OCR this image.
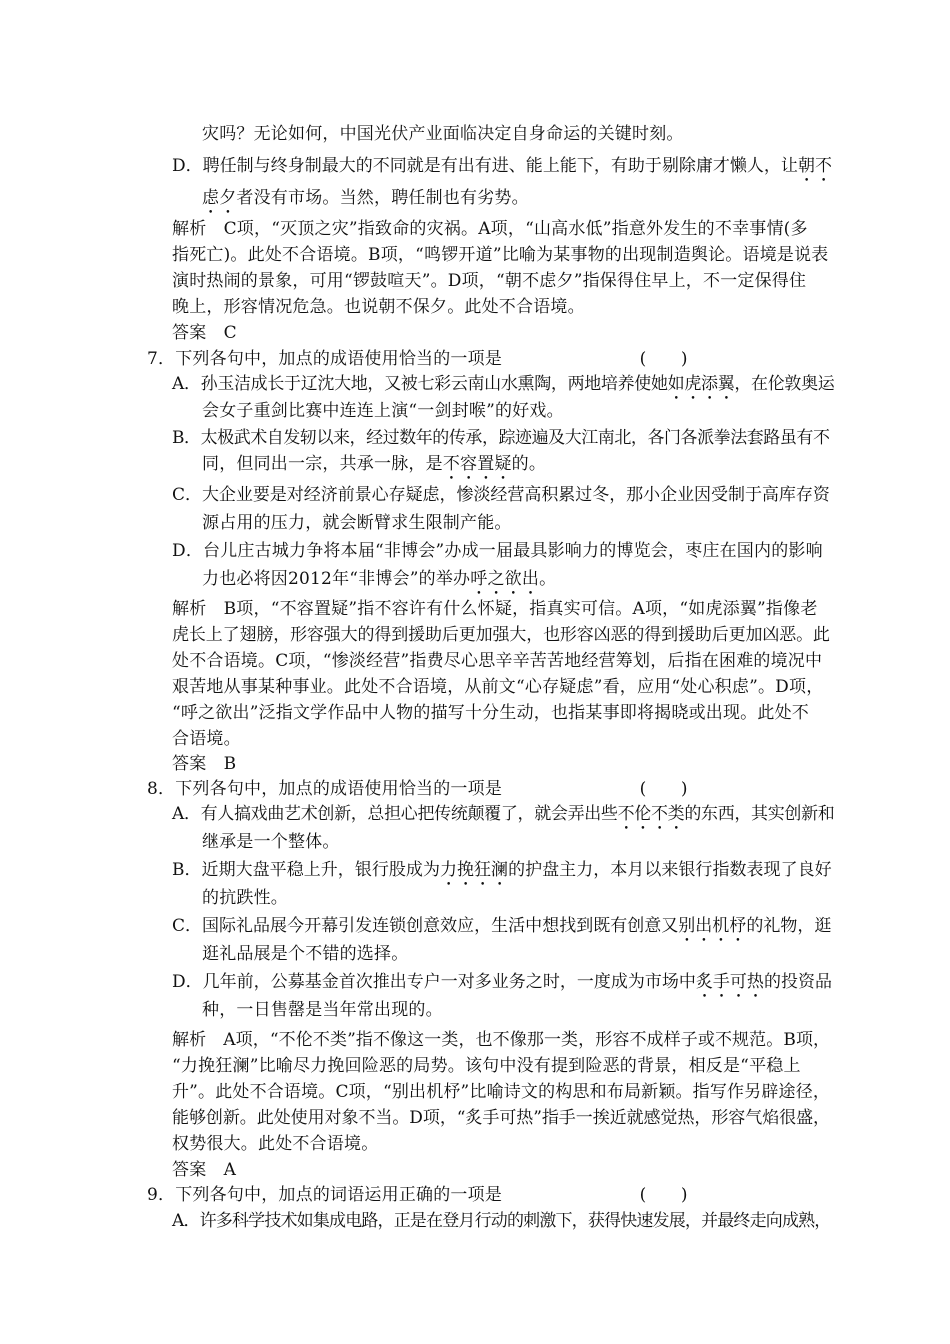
灾吗？无论如何，中国光伏产业面临决定自身命运的关键时刻。
D．聘任制与终身制最大的不同就是有出有进、能上能下，有助于剔除庸才懒人，让朝不
虑夕者没有市场。当然，聘任制也有劣势。
解析　C项，“灭顶之灾”指致命的灾祸。A项，“山高水低”指意外发生的不幸事情(多
指死亡)。此处不合语境。B项，“鸣锣开道”比喻为某事物的出现制造舆论。语境是说表
演时热闹的景象，可用“锣鼓喧天”。D项，“朝不虑夕”指保得住早上，不一定保得住
晚上，形容情况危急。也说朝不保夕。此处不合语境。
答案　C
7．下列各句中，加点的成语使用恰当的一项是　　　　　　　　(　　)
A．孙玉洁成长于辽沈大地，又被七彩云南山水熏陶，两地培养使她如虎添翼，在伦敦奥运
会女子重剑比赛中连连上演“一剑封喉”的好戏。
B．太极武术自发轫以来，经过数年的传承，踪迹遍及大江南北，各门各派拳法套路虽有不
同，但同出一宗，共承一脉，是不容置疑的。
C．大企业要是对经济前景心存疑虑，惨淡经营高积累过冬，那小企业因受制于高库存资
源占用的压力，就会断臂求生限制产能。
D．台儿庄古城力争将本届“非博会”办成一届最具影响力的博览会，枣庄在国内的影响
力也必将因2012年“非博会”的举办呼之欲出。
解析　B项，“不容置疑”指不容许有什么怀疑，指真实可信。A项，“如虎添翼”指像老
虎长上了翅膀，形容强大的得到援助后更加强大，也形容凶恶的得到援助后更加凶恶。此
处不合语境。C项，“惨淡经营”指费尽心思辛辛苦苦地经营筹划，后指在困难的境况中
艰苦地从事某种事业。此处不合语境，从前文“心存疑虑”看，应用“处心积虑”。D项，
“呼之欲出”泛指文学作品中人物的描写十分生动，也指某事即将揭晓或出现。此处不
合语境。
答案　B
8．下列各句中，加点的成语使用恰当的一项是　　　　　　　　(　　)
A．有人搞戏曲艺术创新，总担心把传统颠覆了，就会弄出些不伦不类的东西，其实创新和
继承是一个整体。
B．近期大盘平稳上升，银行股成为力挽狂澜的护盘主力，本月以来银行指数表现了良好
的抗跌性。
C．国际礼品展今开幕引发连锁创意效应，生活中想找到既有创意又别出机杼的礼物，逛
逛礼品展是个不错的选择。
D．几年前，公募基金首次推出专户一对多业务之时，一度成为市场中炙手可热的投资品
种，一日售罄是当年常出现的。
解析　A项，“不伦不类”指不像这一类，也不像那一类，形容不成样子或不规范。B项，
“力挽狂澜”比喻尽力挽回险恶的局势。该句中没有提到险恶的背景，相反是“平稳上
升”。此处不合语境。C项，“别出机杼”比喻诗文的构思和布局新颖。指写作另辟途径，
能够创新。此处使用对象不当。D项，“炙手可热”指手一挨近就感觉热，形容气焰很盛，
权势很大。此处不合语境。
答案　A
9．下列各句中，加点的词语运用正确的一项是　　　　　　　　(　　)
A．许多科学技术如集成电路，正是在登月行动的刺激下，获得快速发展，并最终走向成熟，
